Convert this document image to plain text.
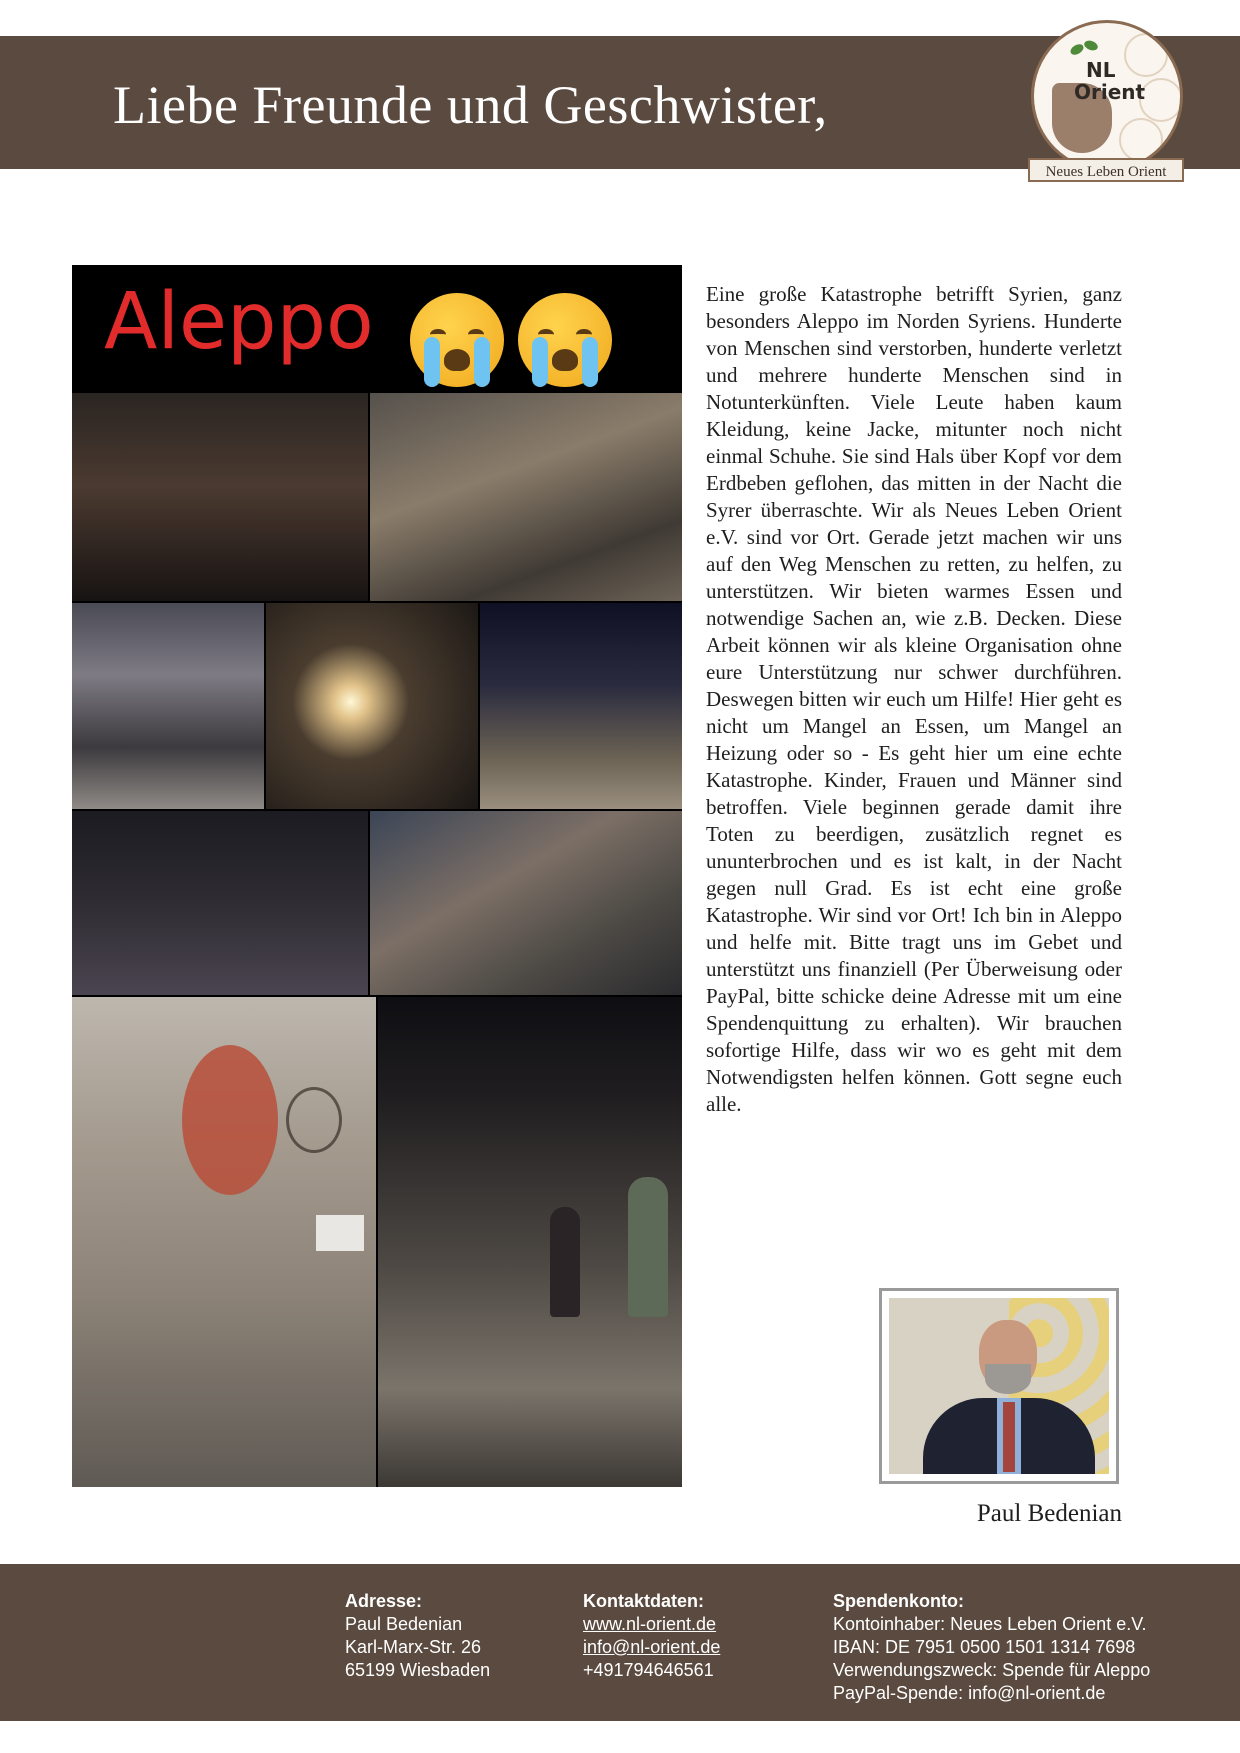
Liebe Freunde und Geschwister,
NL
Orient
Neues Leben Orient
Aleppo	Eine große Katastrophe betrifft Syrien, ganz besonders Aleppo im Norden Syriens. Hunderte von Menschen sind verstorben, hunderte verletzt und mehrere hunderte Menschen sind in Notunterkünften. Viele Leute haben kaum Kleidung, keine Jacke, mitunter noch nicht einmal Schuhe. Sie sind Hals über Kopf vor dem Erdbeben geflohen, das mitten in der Nacht die Syrer überraschte. Wir als Neues Leben Orient e.V. sind vor Ort. Gerade jetzt machen wir uns auf den Weg Menschen zu retten, zu helfen, zu unterstützen. Wir bieten warmes Essen und notwendige Sachen an, wie z.B. Decken. Diese Arbeit können wir als kleine Organisation ohne eure Unterstützung nur schwer durchführen. Deswegen bitten wir euch um Hilfe! Hier geht es nicht um Mangel an Essen, um Mangel an Heizung oder so - Es geht hier um eine echte Katastrophe. Kinder, Frauen und Männer sind betroffen. Viele beginnen gerade damit ihre Toten zu beerdigen, zusätzlich regnet es ununterbrochen und es ist kalt, in der Nacht gegen null Grad. Es ist echt eine große Katastrophe. Wir sind vor Ort! Ich bin in Aleppo und helfe mit. Bitte tragt uns im Gebet und unterstützt uns finanziell (Per Überweisung oder PayPal, bitte schicke deine Adresse mit um eine Spendenquittung zu erhalten). Wir brauchen sofortige Hilfe, dass wir wo es geht mit dem Notwendigsten helfen können. Gott segne euch alle.

Paul Bedenian
Adresse:
Paul Bedenian
Karl-Marx-Str. 26
65199 Wiesbaden
Kontaktdaten:
www.nl-orient.de
info@nl-orient.de
+491794646561
Spendenkonto:
Kontoinhaber: Neues Leben Orient e.V.
IBAN: DE 7951 0500 1501 1314 7698
Verwendungszweck: Spende für Aleppo
PayPal-Spende: info@nl-orient.de
